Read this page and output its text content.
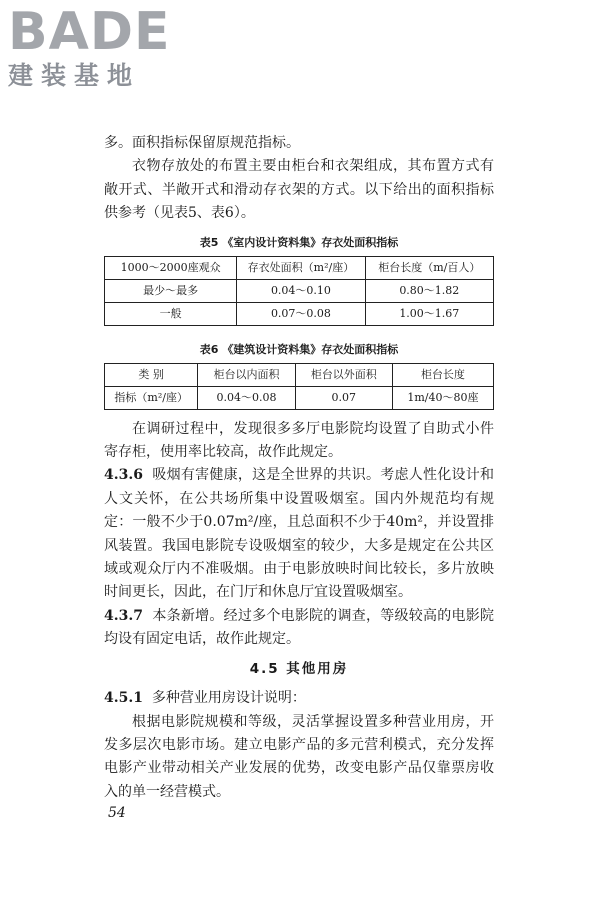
BADE
建装基地

多。面积指标保留原规范指标。

衣物存放处的布置主要由柜台和衣架组成，其布置方式有敞开式、半敞开式和滑动存衣架的方式。以下给出的面积指标供参考（见表5、表6）。

表5 《室内设计资料集》存衣处面积指标
1000～2000座观众	存衣处面积（m²/座）	柜台长度（m/百人）
最少～最多	0.04～0.10	0.80～1.82
一般	0.07～0.08	1.00～1.67
表6 《建筑设计资料集》存衣处面积指标
类 别	柜台以内面积	柜台以外面积	柜台长度
指标（m²/座）	0.04～0.08	0.07	1m/40～80座

在调研过程中，发现很多多厅电影院均设置了自助式小件寄存柜，使用率比较高，故作此规定。

4.3.6 吸烟有害健康，这是全世界的共识。考虑人性化设计和人文关怀，在公共场所集中设置吸烟室。国内外规范均有规定：一般不少于0.07m²/座，且总面积不少于40m²，并设置排风装置。我国电影院专设吸烟室的较少，大多是规定在公共区域或观众厅内不准吸烟。由于电影放映时间比较长，多片放映时间更长，因此，在门厅和休息厅宜设置吸烟室。

4.3.7 本条新增。经过多个电影院的调查，等级较高的电影院均设有固定电话，故作此规定。

4.5 其他用房

4.5.1 多种营业用房设计说明：

根据电影院规模和等级，灵活掌握设置多种营业用房，开发多层次电影市场。建立电影产品的多元营利模式，充分发挥电影产业带动相关产业发展的优势，改变电影产品仅靠票房收入的单一经营模式。

54
